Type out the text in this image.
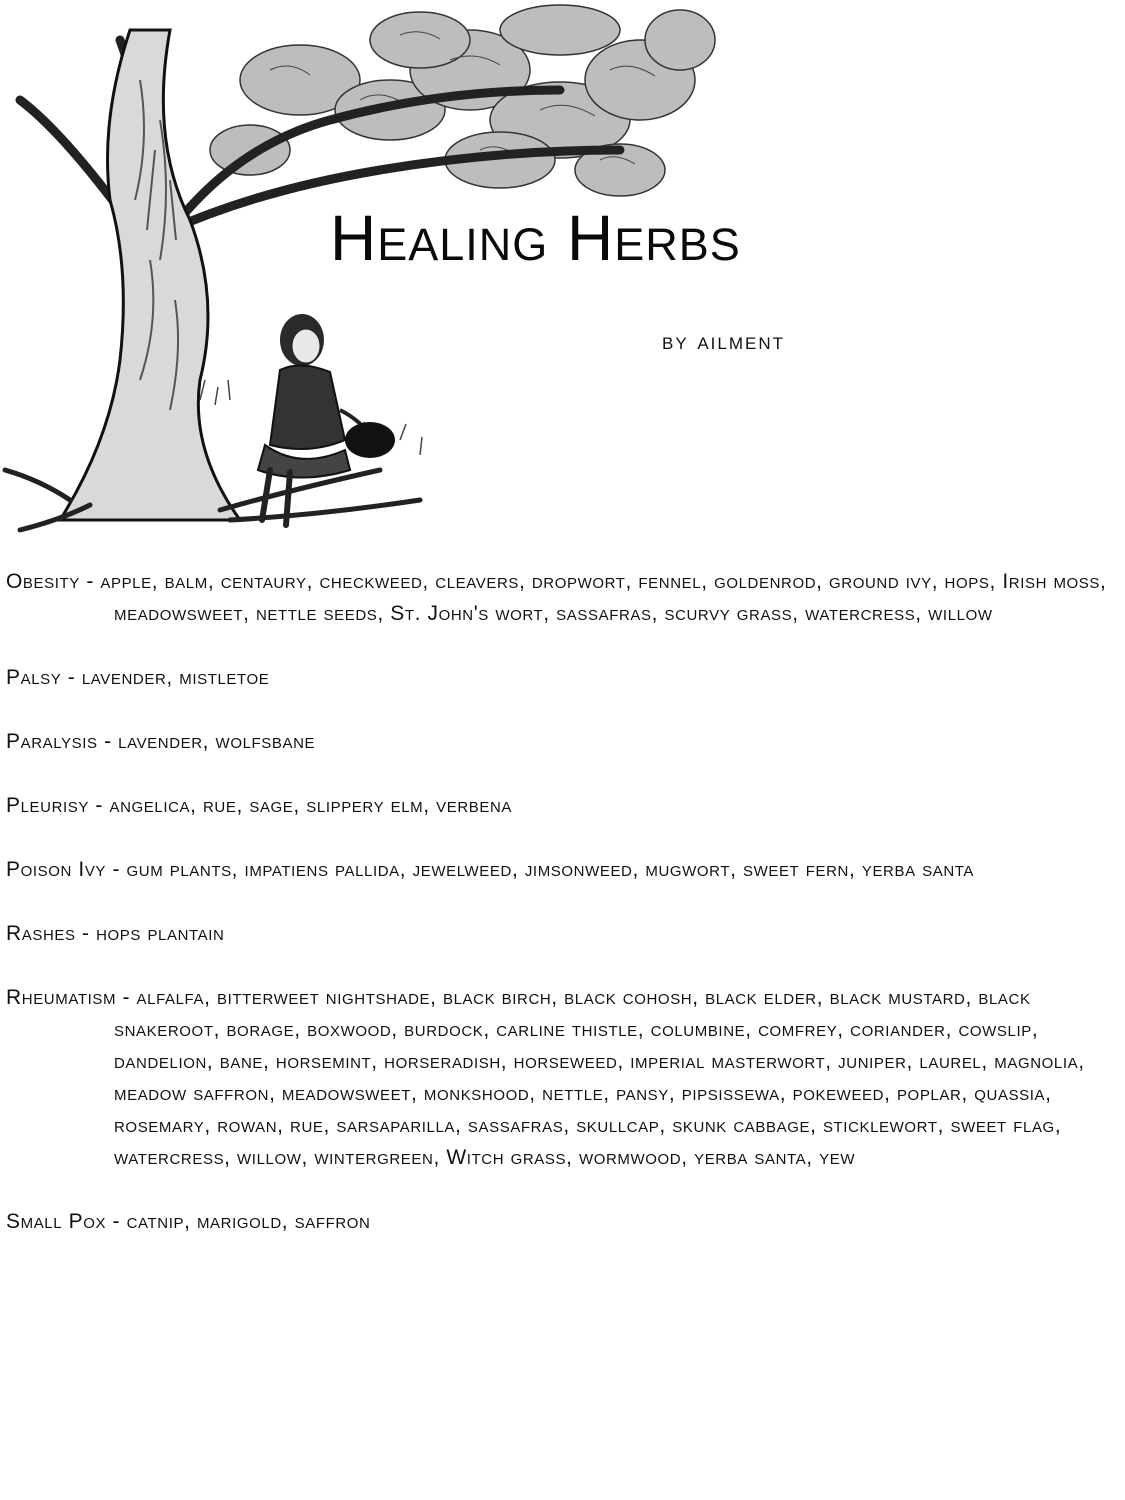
Healing Herbs
by ailment

Obesity - apple, balm, centaury, checkweed, cleavers, dropwort, fennel, goldenrod, ground ivy, hops, Irish moss, meadowsweet, nettle seeds, St. John's wort, sassafras, scurvy grass, watercress, willow

Palsy - lavender, mistletoe

Paralysis - lavender, wolfsbane

Pleurisy - angelica, rue, sage, slippery elm, verbena

Poison Ivy - gum plants, impatiens pallida, jewelweed, jimsonweed, mugwort, sweet fern, yerba santa

Rashes - hops plantain

Rheumatism - alfalfa, bitterweet nightshade, black birch, black cohosh, black elder, black mustard, black snakeroot, borage, boxwood, burdock, carline thistle, columbine, comfrey, coriander, cowslip, dandelion, bane, horsemint, horseradish, horseweed, imperial masterwort, juniper, laurel, magnolia, meadow saffron, meadowsweet, monkshood, nettle, pansy, pipsissewa, pokeweed, poplar, quassia, rosemary, rowan, rue, sarsaparilla, sassafras, skullcap, skunk cabbage, sticklewort, sweet flag, watercress, willow, wintergreen, Witch grass, wormwood, yerba santa, yew

Small Pox - catnip, marigold, saffron
